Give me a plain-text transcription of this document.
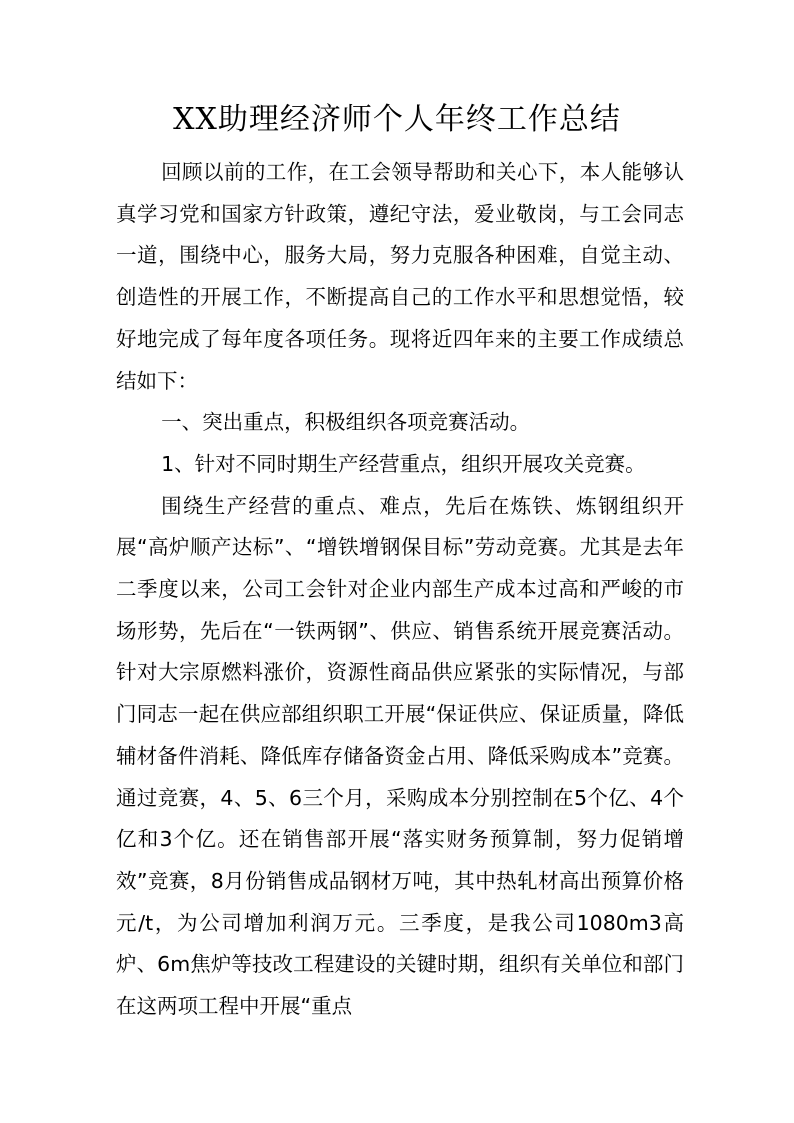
XX助理经济师个人年终工作总结

回顾以前的工作，在工会领导帮助和关心下，本人能够认真学习党和国家方针政策，遵纪守法，爱业敬岗，与工会同志一道，围绕中心，服务大局，努力克服各种困难，自觉主动、创造性的开展工作，不断提高自己的工作水平和思想觉悟，较好地完成了每年度各项任务。现将近四年来的主要工作成绩总结如下：

一、突出重点，积极组织各项竞赛活动。

1、针对不同时期生产经营重点，组织开展攻关竞赛。

围绕生产经营的重点、难点，先后在炼铁、炼钢组织开展“高炉顺产达标”、“增铁增钢保目标”劳动竞赛。尤其是去年二季度以来，公司工会针对企业内部生产成本过高和严峻的市场形势，先后在“一铁两钢”、供应、销售系统开展竞赛活动。针对大宗原燃料涨价，资源性商品供应紧张的实际情况，与部门同志一起在供应部组织职工开展“保证供应、保证质量，降低辅材备件消耗、降低库存储备资金占用、降低采购成本”竞赛。通过竞赛，4、5、6三个月，采购成本分别控制在5个亿、4个亿和3个亿。还在销售部开展“落实财务预算制，努力促销增效”竞赛，8月份销售成品钢材万吨，其中热轧材高出预算价格元/t，为公司增加利润万元。三季度，是我公司1080m3高炉、6m焦炉等技改工程建设的关键时期，组织有关单位和部门在这两项工程中开展“重点
